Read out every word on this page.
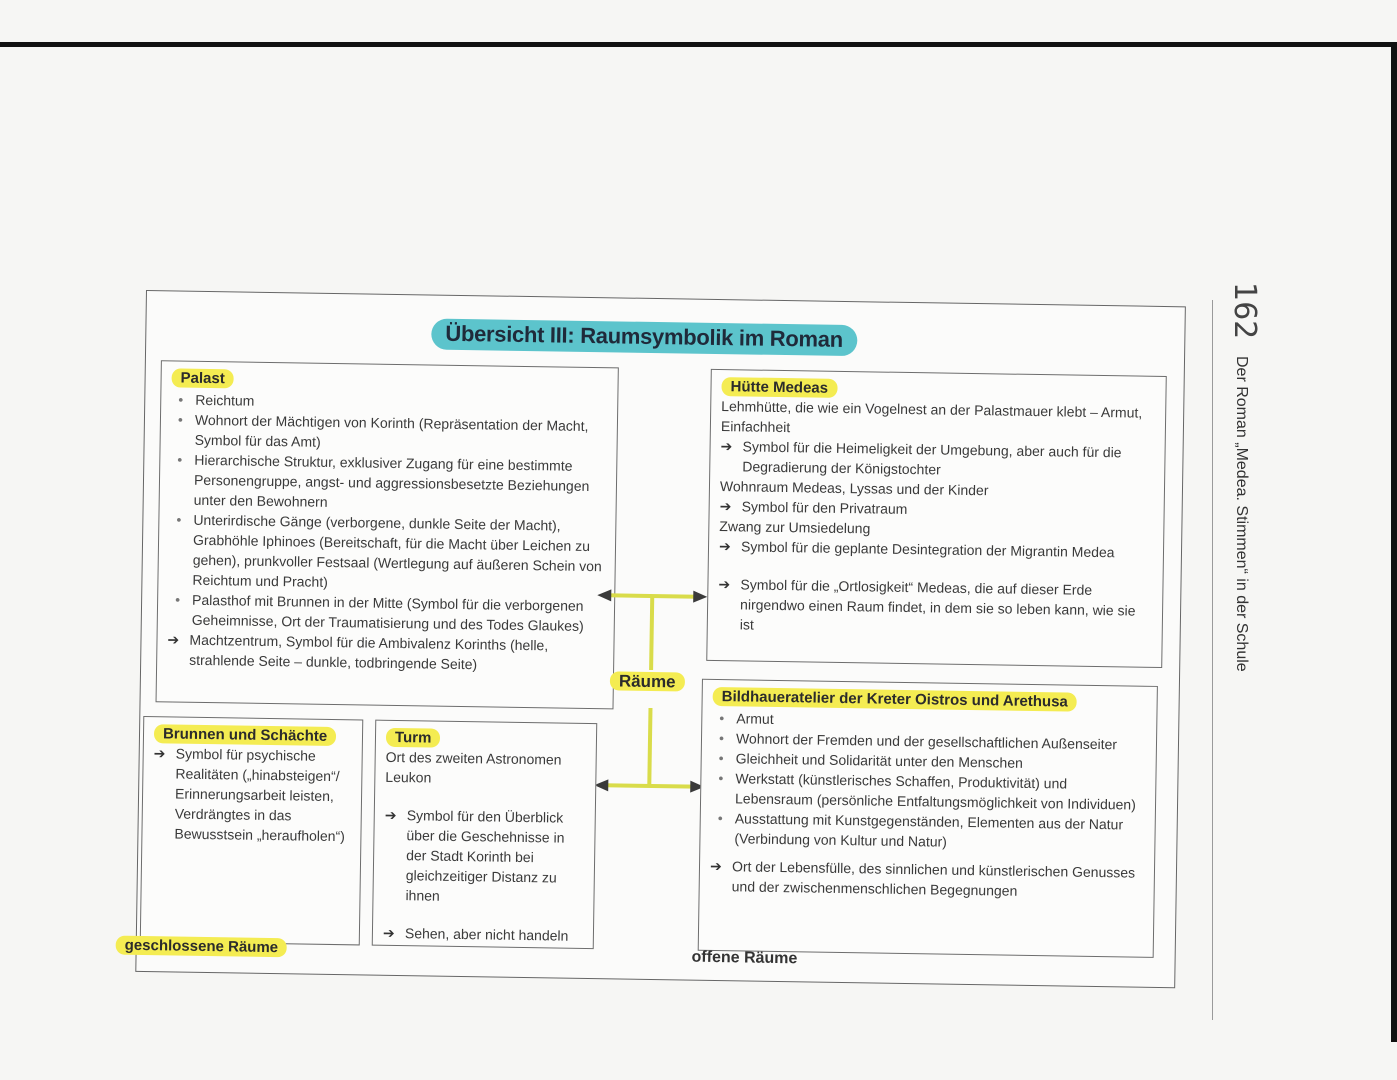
162
Der Roman „Medea. Stimmen“ in der Schule
Übersicht III: Raumsymbolik im Roman
Palast
• Reichtum
• Wohnort der Mächtigen von Korinth (Repräsentation der Macht, Symbol für das Amt)
• Hierarchische Struktur, exklusiver Zugang für eine bestimmte Personengruppe, angst- und aggressionsbesetzte Beziehungen unter den Bewohnern
• Unterirdische Gänge (verborgene, dunkle Seite der Macht), Grabhöhle Iphinoes (Bereitschaft, für die Macht über Leichen zu gehen), prunkvoller Festsaal (Wertlegung auf äußeren Schein von Reichtum und Pracht)
• Palasthof mit Brunnen in der Mitte (Symbol für die verborgenen Geheimnisse, Ort der Traumatisierung und des Todes Glaukes)
➔ Machtzentrum, Symbol für die Ambivalenz Korinths (helle, strahlende Seite – dunkle, todbringende Seite)
Hütte Medeas
Lehmhütte, die wie ein Vogelnest an der Palastmauer klebt – Armut, Einfachheit
➔ Symbol für die Heimeligkeit der Umgebung, aber auch für die Degradierung der Königstochter
Wohnraum Medeas, Lyssas und der Kinder
➔ Symbol für den Privatraum
Zwang zur Umsiedelung
➔ Symbol für die geplante Desintegration der Migrantin Medea
➔ Symbol für die „Ortlosigkeit“ Medeas, die auf dieser Erde nirgendwo einen Raum findet, in dem sie so leben kann, wie sie ist
Räume
Brunnen und Schächte
➔ Symbol für psychische Realitäten („hinabsteigen“/ Erinnerungsarbeit leisten, Verdrängtes in das Bewusstsein „heraufholen“)
Turm
Ort des zweiten Astronomen Leukon
➔ Symbol für den Überblick über die Geschehnisse in der Stadt Korinth bei gleichzeitiger Distanz zu ihnen
➔ Sehen, aber nicht handeln
Bildhaueratelier der Kreter Oistros und Arethusa
• Armut
• Wohnort der Fremden und der gesellschaftlichen Außenseiter
• Gleichheit und Solidarität unter den Menschen
• Werkstatt (künstlerisches Schaffen, Produktivität) und Lebensraum (persönliche Entfaltungsmöglichkeit von Individuen)
• Ausstattung mit Kunstgegenständen, Elementen aus der Natur (Verbindung von Kultur und Natur)
➔ Ort der Lebensfülle, des sinnlichen und künstlerischen Genusses und der zwischenmenschlichen Begegnungen
geschlossene Räume
offene Räume
